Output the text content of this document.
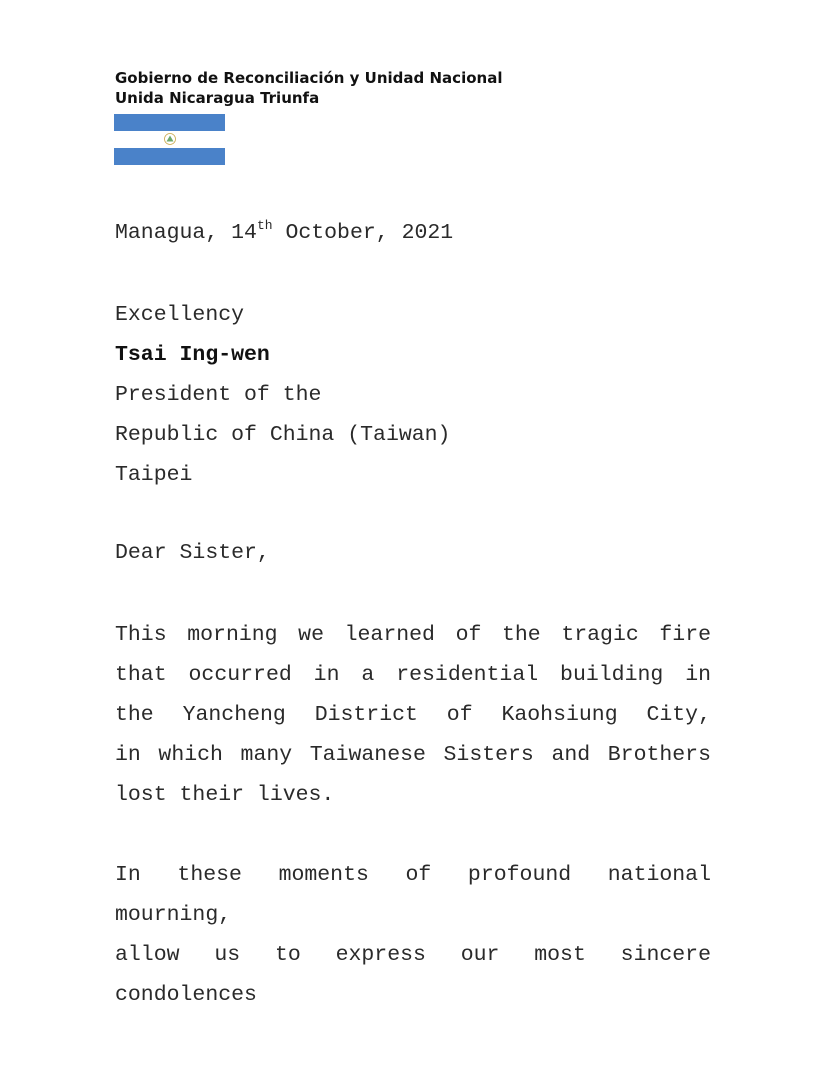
Gobierno de Reconciliación y Unidad Nacional
Unida Nicaragua Triunfa
Managua, 14th October, 2021
Excellency
Tsai Ing-wen
President of the
Republic of China (Taiwan)
Taipei
Dear Sister,
This morning we learned of the tragic fire
that occurred in a residential building in
the Yancheng District of Kaohsiung City,
in which many Taiwanese Sisters and Brothers
lost their lives.
In these moments of profound national mourning,
allow us to express our most sincere condolences
